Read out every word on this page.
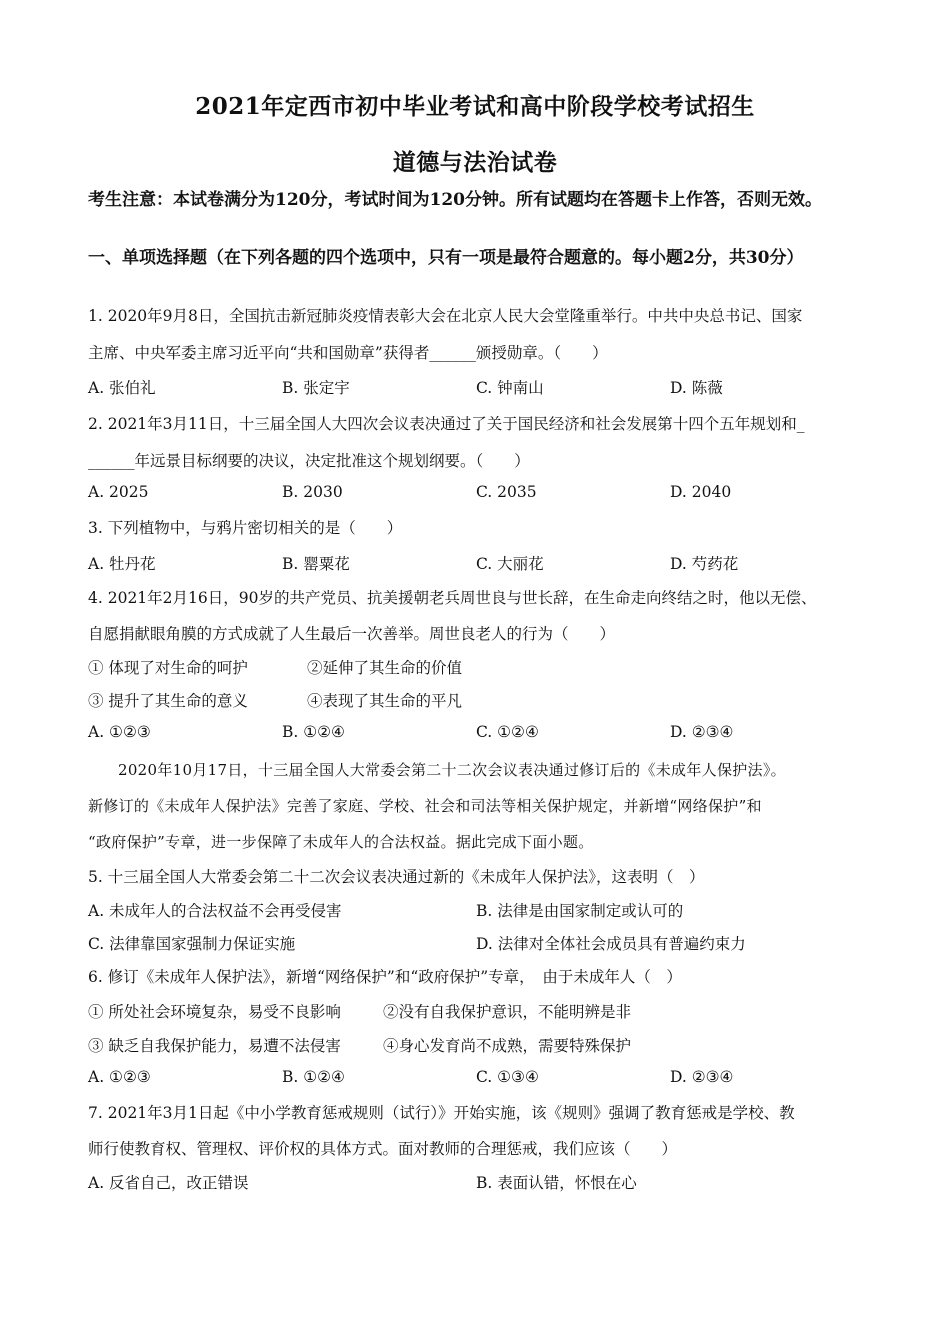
2021年定西市初中毕业考试和高中阶段学校考试招生
道德与法治试卷
考生注意：本试卷满分为120分，考试时间为120分钟。所有试题均在答题卡上作答，否则无效。
一、单项选择题（在下列各题的四个选项中，只有一项是最符合题意的。每小题2分，共30分）
1. 2020年9月8日，全国抗击新冠肺炎疫情表彰大会在北京人民大会堂隆重举行。中共中央总书记、国家
主席、中央军委主席习近平向“共和国勋章”获得者______颁授勋章。（　　）
A. 张伯礼	B. 张定宇	C. 钟南山	D. 陈薇
2. 2021年3月11日，十三届全国人大四次会议表决通过了关于国民经济和社会发展第十四个五年规划和_
______年远景目标纲要的决议，决定批准这个规划纲要。（　　）
A. 2025	B. 2030	C. 2035	D. 2040
3. 下列植物中，与鸦片密切相关的是（　　）
A. 牡丹花	B. 罂粟花	C. 大丽花	D. 芍药花
4. 2021年2月16日，90岁的共产党员、抗美援朝老兵周世良与世长辞，在生命走向终结之时，他以无偿、
自愿捐献眼角膜的方式成就了人生最后一次善举。周世良老人的行为（　　）
① 体现了对生命的呵护	②延伸了其生命的价值
③ 提升了其生命的意义	④表现了其生命的平凡
A. ①②③	B. ①②④	C. ①②④	D. ②③④
2020年10月17日，十三届全国人大常委会第二十二次会议表决通过修订后的《未成年人保护法》。
新修订的《未成年人保护法》完善了家庭、学校、社会和司法等相关保护规定，并新增“网络保护”和
“政府保护”专章，进一步保障了未成年人的合法权益。据此完成下面小题。
5. 十三届全国人大常委会第二十二次会议表决通过新的《未成年人保护法》，这表明（　）
A. 未成年人的合法权益不会再受侵害	B. 法律是由国家制定或认可的
C. 法律靠国家强制力保证实施	D. 法律对全体社会成员具有普遍约束力
6. 修订《未成年人保护法》，新增“网络保护”和“政府保护”专章，　由于未成年人（　）
① 所处社会环境复杂，易受不良影响	②没有自我保护意识，不能明辨是非
③ 缺乏自我保护能力，易遭不法侵害	④身心发育尚不成熟，需要特殊保护
A. ①②③	B. ①②④	C. ①③④	D. ②③④
7. 2021年3月1日起《中小学教育惩戒规则（试行）》开始实施，该《规则》强调了教育惩戒是学校、教
师行使教育权、管理权、评价权的具体方式。面对教师的合理惩戒，我们应该（　　）
A. 反省自己，改正错误	B. 表面认错，怀恨在心
